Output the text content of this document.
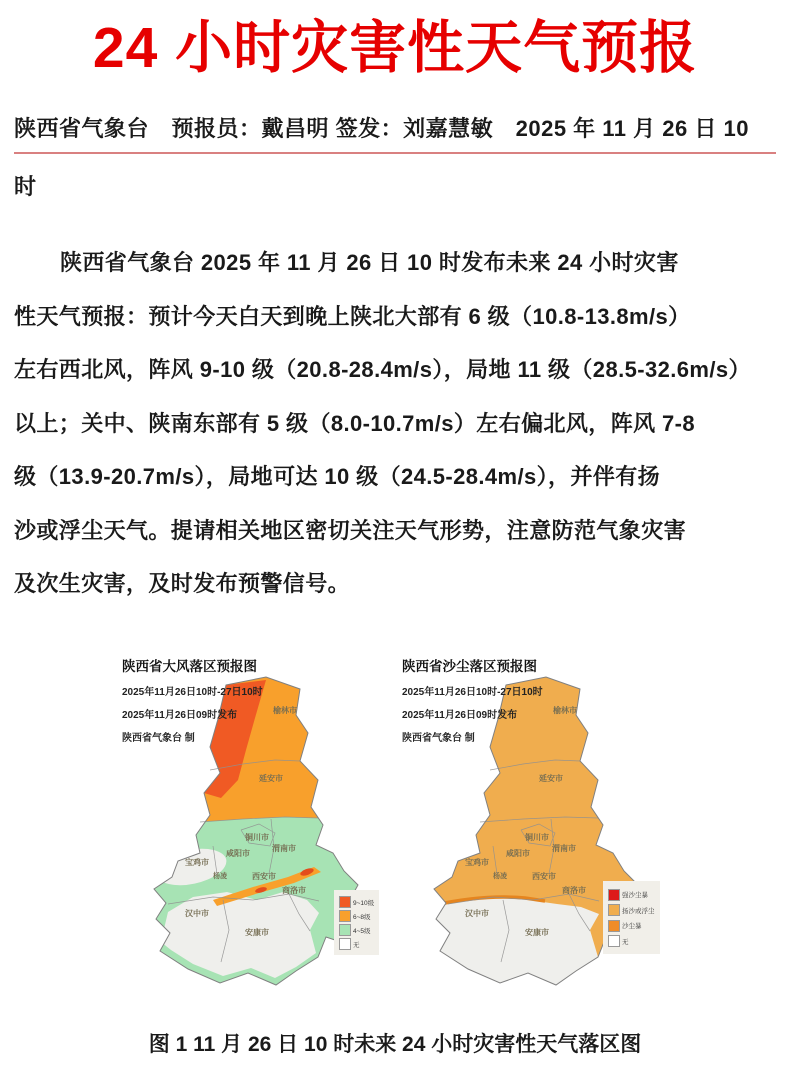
24 小时灾害性天气预报
陕西省气象台　预报员：戴昌明 签发：刘嘉慧敏　2025 年 11 月 26 日 10
时
陕西省气象台 2025 年 11 月 26 日 10 时发布未来 24 小时灾害
性天气预报：预计今天白天到晚上陕北大部有 6 级（10.8-13.8m/s）
左右西北风，阵风 9-10 级（20.8-28.4m/s），局地 11 级（28.5-32.6m/s）
以上；关中、陕南东部有 5 级（8.0-10.7m/s）左右偏北风，阵风 7-8
级（13.9-20.7m/s），局地可达 10 级（24.5-28.4m/s），并伴有扬
沙或浮尘天气。提请相关地区密切关注天气形势，注意防范气象灾害
及次生灾害，及时发布预警信号。
榆林市
延安市
铜川市
渭南市
咸阳市
宝鸡市
杨凌	西安市
商洛市
汉中市
安康市
陕西省大风落区预报图
2025年11月26日10时-27日10时
2025年11月26日09时发布
陕西省气象台 制
9~10级
6~8级
4~5级
无
榆林市
延安市
铜川市
渭南市
咸阳市
宝鸡市
杨凌	西安市
商洛市
汉中市
安康市
陕西省沙尘落区预报图
2025年11月26日10时-27日10时
2025年11月26日09时发布
陕西省气象台 制
强沙尘暴
扬沙或浮尘
沙尘暴
无
图 1 11 月 26 日 10 时未来 24 小时灾害性天气落区图
